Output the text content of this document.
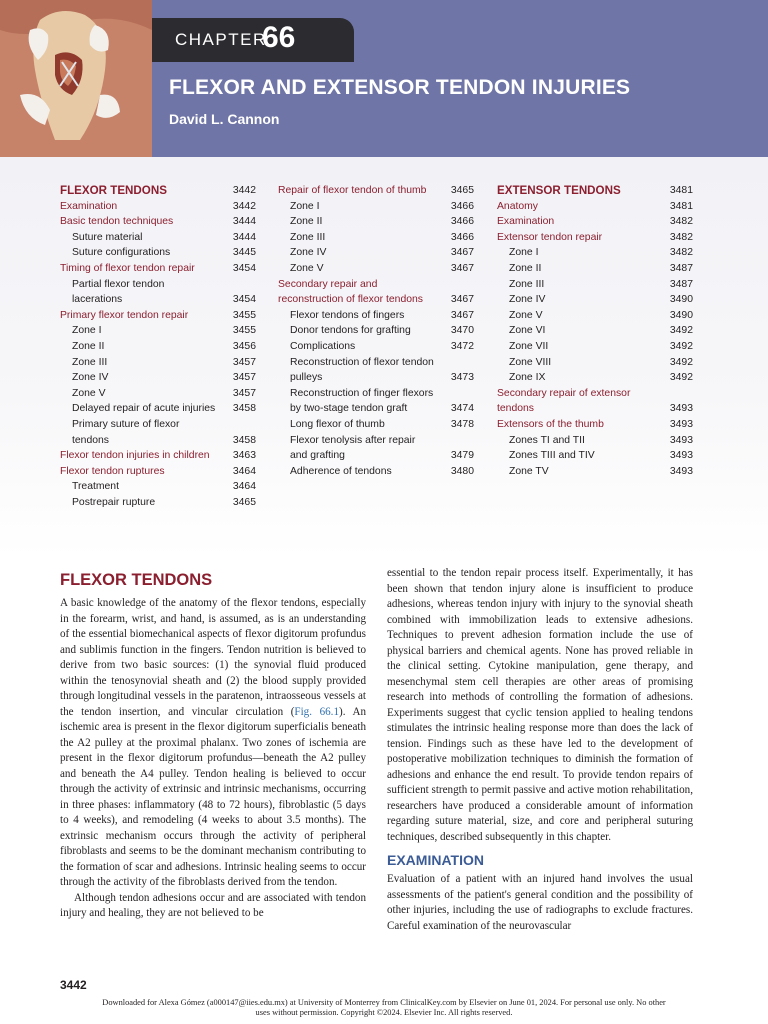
CHAPTER
66
FLEXOR AND EXTENSOR TENDON INJURIES
David L. Cannon
FLEXOR TENDONS	3442
Examination	3442
Basic tendon techniques	3444
Suture material	3444
Suture configurations	3445
Timing of flexor tendon repair	3454
Partial flexor tendon lacerations	3454
Primary flexor tendon repair	3455
Zone I	3455
Zone II	3456
Zone III	3457
Zone IV	3457
Zone V	3457
Delayed repair of acute injuries 3458
Primary suture of flexor tendons	3458
Flexor tendon injuries in children	3463
Flexor tendon ruptures	3464
Treatment	3464
Postrepair rupture	3465
Repair of flexor tendon of thumb	3465
Zone I	3466
Zone II	3466
Zone III	3466
Zone IV	3467
Zone V	3467
Secondary repair and reconstruction of flexor tendons	3467
Flexor tendons of fingers	3467
Donor tendons for grafting	3470
Complications	3472
Reconstruction of flexor tendon pulleys	3473
Reconstruction of finger flexors by two-stage tendon graft	3474
Long flexor of thumb	3478
Flexor tenolysis after repair and grafting	3479
Adherence of tendons	3480
EXTENSOR TENDONS	3481
Anatomy	3481
Examination	3482
Extensor tendon repair	3482
Zone I	3482
Zone II	3487
Zone III	3487
Zone IV	3490
Zone V	3490
Zone VI	3492
Zone VII	3492
Zone VIII	3492
Zone IX	3492
Secondary repair of extensor tendons	3493
Extensors of the thumb	3493
Zones TI and TII	3493
Zones TIII and TIV	3493
Zone TV	3493
FLEXOR TENDONS

A basic knowledge of the anatomy of the flexor tendons, especially in the forearm, wrist, and hand, is assumed, as is an understanding of the essential biomechanical aspects of flexor digitorum profundus and sublimis function in the fingers. Tendon nutrition is believed to derive from two basic sources: (1) the synovial fluid produced within the tenosynovial sheath and (2) the blood supply provided through longitudinal vessels in the paratenon, intraosseous vessels at the tendon insertion, and vincular circulation (Fig. 66.1). An ischemic area is present in the flexor digitorum superficialis beneath the A2 pulley at the proximal phalanx. Two zones of ischemia are present in the flexor digitorum profundus—beneath the A2 pulley and beneath the A4 pulley. Tendon healing is believed to occur through the activity of extrinsic and intrinsic mechanisms, occurring in three phases: inflammatory (48 to 72 hours), fibroblastic (5 days to 4 weeks), and remodeling (4 weeks to about 3.5 months). The extrinsic mechanism occurs through the activity of peripheral fibroblasts and seems to be the dominant mechanism contributing to the formation of scar and adhesions. Intrinsic healing seems to occur through the activity of the fibroblasts derived from the tendon.

Although tendon adhesions occur and are associated with tendon injury and healing, they are not believed to be

essential to the tendon repair process itself. Experimentally, it has been shown that tendon injury alone is insufficient to produce adhesions, whereas tendon injury with injury to the synovial sheath combined with immobilization leads to extensive adhesions. Techniques to prevent adhesion formation include the use of physical barriers and chemical agents. None has proved reliable in the clinical setting. Cytokine manipulation, gene therapy, and mesenchymal stem cell therapies are other areas of promising research into methods of controlling the formation of adhesions. Experiments suggest that cyclic tension applied to healing tendons stimulates the intrinsic healing response more than does the lack of tension. Findings such as these have led to the development of postoperative mobilization techniques to diminish the formation of adhesions and enhance the end result. To provide tendon repairs of sufficient strength to permit passive and active motion rehabilitation, researchers have produced a considerable amount of information regarding suture material, size, and core and peripheral suturing techniques, described subsequently in this chapter.

EXAMINATION

Evaluation of a patient with an injured hand involves the usual assessments of the patient's general condition and the possibility of other injuries, including the use of radiographs to exclude fractures. Careful examination of the neurovascular

3442
Downloaded for Alexa Gómez (a000147@iies.edu.mx) at University of Monterrey from ClinicalKey.com by Elsevier on June 01, 2024. For personal use only. No other uses without permission. Copyright ©2024. Elsevier Inc. All rights reserved.
